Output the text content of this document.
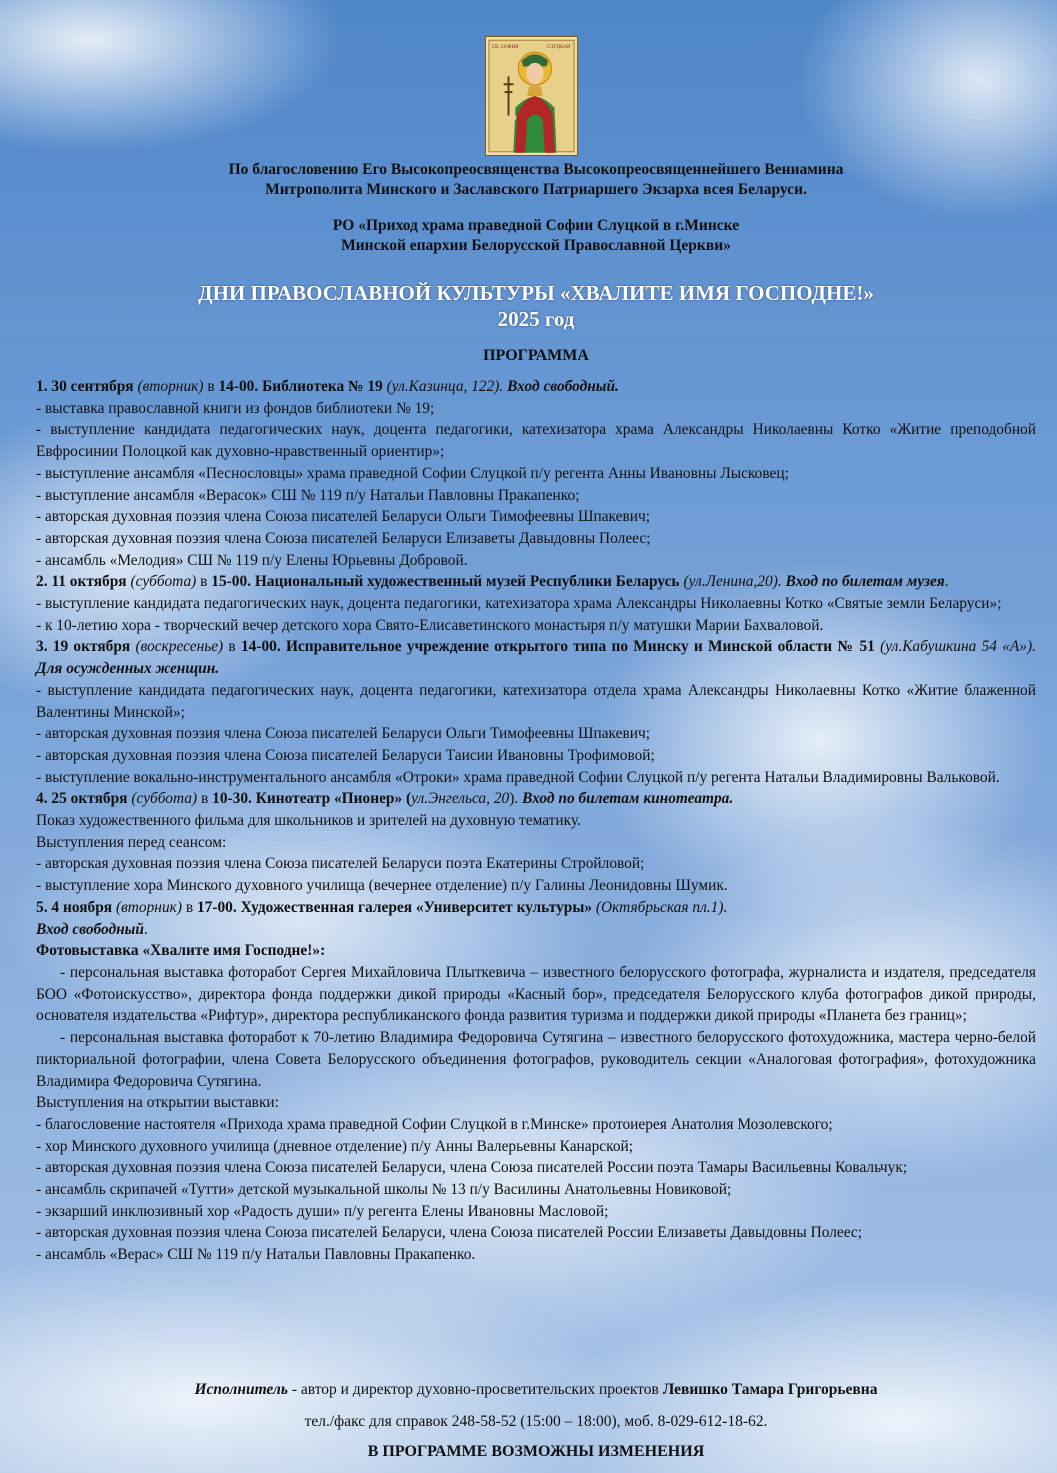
СВ. СОФИЯ	СЛУЦКАЯ
По благословению Его Высокопреосвященства Высокопреосвященнейшего Вениамина
Митрополита Минского и Заславского Патриаршего Экзарха всея Беларуси.
РО «Приход храма праведной Софии Слуцкой в г.Минске
Минской епархии Белорусской Православной Церкви»
ДНИ ПРАВОСЛАВНОЙ КУЛЬТУРЫ «ХВАЛИТЕ ИМЯ ГОСПОДНЕ!»
2025 год
ПРОГРАММА

1. 30 сентября (вторник) в 14-00. Библиотека № 19 (ул.Казинца, 122). Вход свободный.

- выставка православной книги из фондов библиотеки № 19;

- выступление кандидата педагогических наук, доцента педагогики, катехизатора храма Александры Николаевны Котко «Житие преподобной Евфросинии Полоцкой как духовно-нравственный ориентир»;

- выступление ансамбля «Песнословцы» храма праведной Софии Слуцкой п/у регента Анны Ивановны Лысковец;

- выступление ансамбля «Верасок» СШ № 119 п/у Натальи Павловны Пракапенко;

- авторская духовная поэзия члена Союза писателей Беларуси Ольги Тимофеевны Шпакевич;

- авторская духовная поэзия члена Союза писателей Беларуси Елизаветы Давыдовны Полеес;

- ансамбль «Мелодия» СШ № 119 п/у Елены Юрьевны Добровой.

2. 11 октября (суббота) в 15-00. Национальный художественный музей Республики Беларусь (ул.Ленина,20). Вход по билетам музея.

- выступление кандидата педагогических наук, доцента педагогики, катехизатора храма Александры Николаевны Котко «Святые земли Беларуси»;

- к 10-летию хора - творческий вечер детского хора Свято-Елисаветинского монастыря п/у матушки Марии Бахваловой.

3. 19 октября (воскресенье) в 14-00. Исправительное учреждение открытого типа по Минску и Минской области № 51 (ул.Кабушкина 54 «А»). Для осужденных женщин.

- выступление кандидата педагогических наук, доцента педагогики, катехизатора отдела храма Александры Николаевны Котко «Житие блаженной Валентины Минской»;

- авторская духовная поэзия члена Союза писателей Беларуси Ольги Тимофеевны Шпакевич;

- авторская духовная поэзия члена Союза писателей Беларуси Таисии Ивановны Трофимовой;

- выступление вокально-инструментального ансамбля «Отроки» храма праведной Софии Слуцкой п/у регента Натальи Владимировны Вальковой.

4. 25 октября (суббота) в 10-30. Кинотеатр «Пионер» (ул.Энгельса, 20). Вход по билетам кинотеатра.

Показ художественного фильма для школьников и зрителей на духовную тематику.

Выступления перед сеансом:

- авторская духовная поэзия члена Союза писателей Беларуси поэта Екатерины Стройловой;

- выступление хора Минского духовного училища (вечернее отделение) п/у Галины Леонидовны Шумик.

5. 4 ноября (вторник) в 17-00. Художественная галерея «Университет культуры» (Октябрьская пл.1).

Вход свободный.

Фотовыставка «Хвалите имя Господне!»:

- персональная выставка фоторабот Сергея Михайловича Плыткевича – известного белорусского фотографа, журналиста и издателя, председателя БОО «Фотоискусство», директора фонда поддержки дикой природы «Касный бор», председателя Белорусского клуба фотографов дикой природы, основателя издательства «Рифтур», директора республиканского фонда развития туризма и поддержки дикой природы «Планета без границ»;

- персональная выставка фоторабот к 70-летию Владимира Федоровича Сутягина – известного белорусского фотохудожника, мастера черно-белой пикториальной фотографии, члена Совета Белорусского объединения фотографов, руководитель секции «Аналоговая фотография», фотохудожника Владимира Федоровича Сутягина.

Выступления на открытии выставки:

- благословение настоятеля «Прихода храма праведной Софии Слуцкой в г.Минске» протоиерея Анатолия Мозолевского;

- хор Минского духовного училища (дневное отделение) п/у Анны Валерьевны Канарской;

- авторская духовная поэзия члена Союза писателей Беларуси, члена Союза писателей России поэта Тамары Васильевны Ковальчук;

- ансамбль скрипачей «Тутти» детской музыкальной школы № 13 п/у Василины Анатольевны Новиковой;

- экзарший инклюзивный хор «Радость души» п/у регента Елены Ивановны Масловой;

- авторская духовная поэзия члена Союза писателей Беларуси, члена Союза писателей России Елизаветы Давыдовны Полеес;

- ансамбль «Верас» СШ № 119 п/у Натальи Павловны Пракапенко.

Исполнитель - автор и директор духовно-просветительских проектов Левишко Тамара Григорьевна
тел./факс для справок 248-58-52 (15:00 – 18:00), моб. 8-029-612-18-62.
В ПРОГРАММЕ ВОЗМОЖНЫ ИЗМЕНЕНИЯ
